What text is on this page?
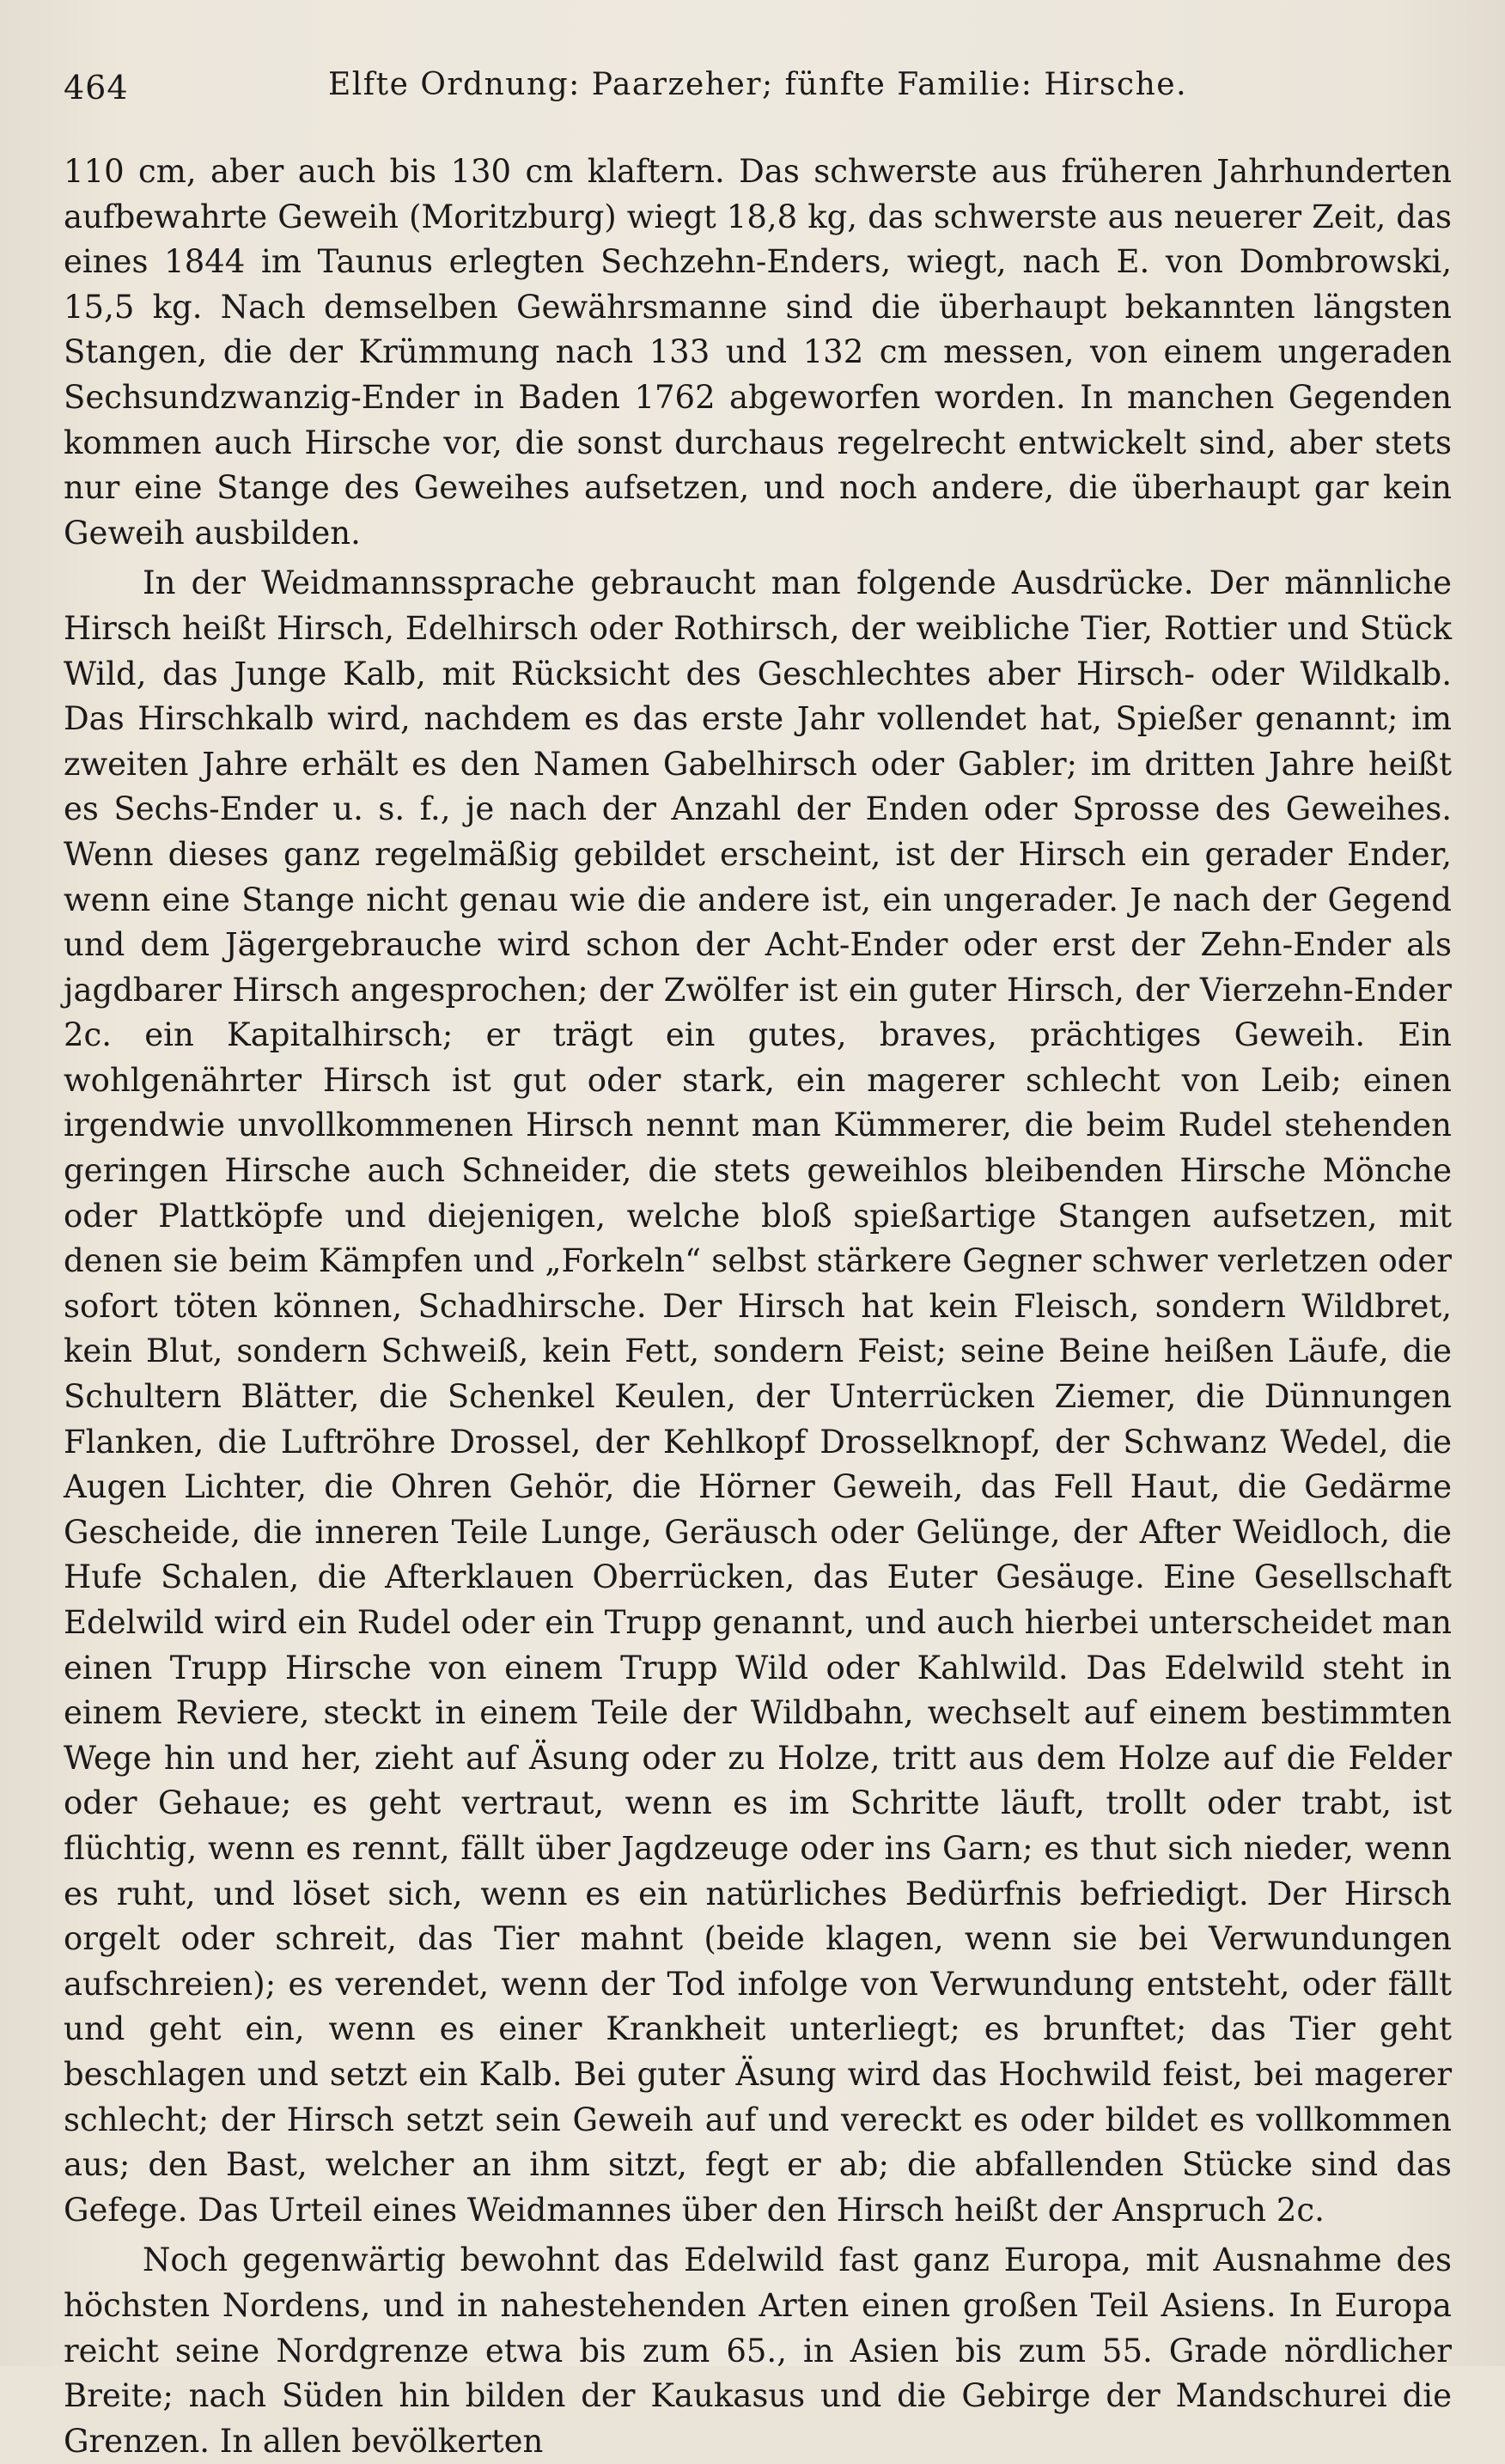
464	Elfte Ordnung: Paarzeher; fünfte Familie: Hirsche.

110 cm, aber auch bis 130 cm klaftern. Das schwerste aus früheren Jahrhunderten aufbewahrte Geweih (Moritzburg) wiegt 18,8 kg, das schwerste aus neuerer Zeit, das eines 1844 im Taunus erlegten Sechzehn-Enders, wiegt, nach E. von Dombrowski, 15,5 kg. Nach demselben Gewährsmanne sind die überhaupt bekannten längsten Stangen, die der Krümmung nach 133 und 132 cm messen, von einem ungeraden Sechsundzwanzig-Ender in Baden 1762 abgeworfen worden. In manchen Gegenden kommen auch Hirsche vor, die sonst durchaus regelrecht entwickelt sind, aber stets nur eine Stange des Geweihes aufsetzen, und noch andere, die überhaupt gar kein Geweih ausbilden.

In der Weidmannssprache gebraucht man folgende Ausdrücke. Der männliche Hirsch heißt Hirsch, Edelhirsch oder Rothirsch, der weibliche Tier, Rottier und Stück Wild, das Junge Kalb, mit Rücksicht des Geschlechtes aber Hirsch- oder Wildkalb. Das Hirschkalb wird, nachdem es das erste Jahr vollendet hat, Spießer genannt; im zweiten Jahre erhält es den Namen Gabelhirsch oder Gabler; im dritten Jahre heißt es Sechs-Ender u. s. f., je nach der Anzahl der Enden oder Sprosse des Geweihes. Wenn dieses ganz regelmäßig gebildet erscheint, ist der Hirsch ein gerader Ender, wenn eine Stange nicht genau wie die andere ist, ein ungerader. Je nach der Gegend und dem Jägergebrauche wird schon der Acht-Ender oder erst der Zehn-Ender als jagdbarer Hirsch angesprochen; der Zwölfer ist ein guter Hirsch, der Vierzehn-Ender 2c. ein Kapitalhirsch; er trägt ein gutes, braves, prächtiges Geweih. Ein wohlgenährter Hirsch ist gut oder stark, ein magerer schlecht von Leib; einen irgendwie unvollkommenen Hirsch nennt man Kümmerer, die beim Rudel stehenden geringen Hirsche auch Schneider, die stets geweihlos bleibenden Hirsche Mönche oder Plattköpfe und diejenigen, welche bloß spießartige Stangen aufsetzen, mit denen sie beim Kämpfen und „Forkeln“ selbst stärkere Gegner schwer verletzen oder sofort töten können, Schadhirsche. Der Hirsch hat kein Fleisch, sondern Wildbret, kein Blut, sondern Schweiß, kein Fett, sondern Feist; seine Beine heißen Läufe, die Schultern Blätter, die Schenkel Keulen, der Unterrücken Ziemer, die Dünnungen Flanken, die Luftröhre Drossel, der Kehlkopf Drosselknopf, der Schwanz Wedel, die Augen Lichter, die Ohren Gehör, die Hörner Geweih, das Fell Haut, die Gedärme Gescheide, die inneren Teile Lunge, Geräusch oder Gelünge, der After Weidloch, die Hufe Schalen, die Afterklauen Oberrücken, das Euter Gesäuge. Eine Gesellschaft Edelwild wird ein Rudel oder ein Trupp genannt, und auch hierbei unterscheidet man einen Trupp Hirsche von einem Trupp Wild oder Kahlwild. Das Edelwild steht in einem Reviere, steckt in einem Teile der Wildbahn, wechselt auf einem bestimmten Wege hin und her, zieht auf Äsung oder zu Holze, tritt aus dem Holze auf die Felder oder Gehaue; es geht vertraut, wenn es im Schritte läuft, trollt oder trabt, ist flüchtig, wenn es rennt, fällt über Jagdzeuge oder ins Garn; es thut sich nieder, wenn es ruht, und löset sich, wenn es ein natürliches Bedürfnis befriedigt. Der Hirsch orgelt oder schreit, das Tier mahnt (beide klagen, wenn sie bei Verwundungen aufschreien); es verendet, wenn der Tod infolge von Verwundung entsteht, oder fällt und geht ein, wenn es einer Krankheit unterliegt; es brunftet; das Tier geht beschlagen und setzt ein Kalb. Bei guter Äsung wird das Hochwild feist, bei magerer schlecht; der Hirsch setzt sein Geweih auf und vereckt es oder bildet es vollkommen aus; den Bast, welcher an ihm sitzt, fegt er ab; die abfallenden Stücke sind das Gefege. Das Urteil eines Weidmannes über den Hirsch heißt der Anspruch 2c.

Noch gegenwärtig bewohnt das Edelwild fast ganz Europa, mit Ausnahme des höchsten Nordens, und in nahestehenden Arten einen großen Teil Asiens. In Europa reicht seine Nordgrenze etwa bis zum 65., in Asien bis zum 55. Grade nördlicher Breite; nach Süden hin bilden der Kaukasus und die Gebirge der Mandschurei die Grenzen. In allen bevölkerten
